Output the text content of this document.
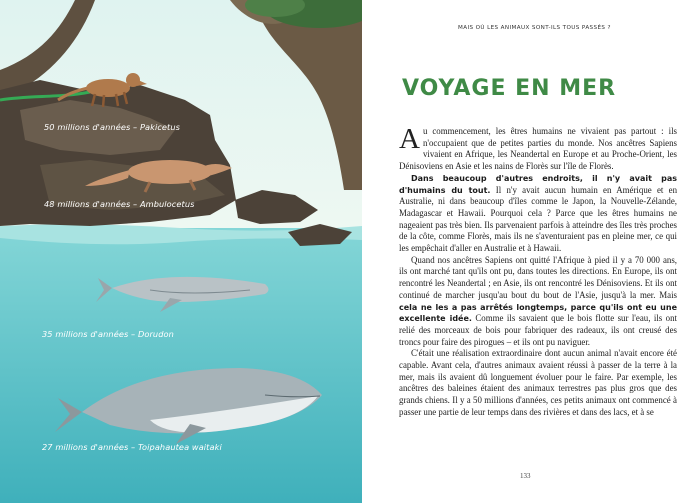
50 millions d'années – Pakicetus
48 millions d'années – Ambulocetus
35 millions d'années – Dorudon
27 millions d'années – Toipahautea waitaki
MAIS OÙ LES ANIMAUX SONT-ILS TOUS PASSÉS ?
VOYAGE EN MER

Au commencement, les êtres humains ne vivaient pas partout : ils n'occupaient que de petites parties du monde. Nos ancêtres Sapiens vivaient en Afrique, les Neandertal en Europe et au Proche-Orient, les Dénisoviens en Asie et les nains de Florès sur l'île de Florès.

Dans beaucoup d'autres endroits, il n'y avait pas d'humains du tout. Il n'y avait aucun humain en Amérique et en Australie, ni dans beaucoup d'îles comme le Japon, la Nouvelle-Zélande, Madagascar et Hawaii. Pourquoi cela ? Parce que les êtres humains ne nageaient pas très bien. Ils parvenaient parfois à atteindre des îles très proches de la côte, comme Florès, mais ils ne s'aventuraient pas en pleine mer, ce qui les empêchait d'aller en Australie et à Hawaii.

Quand nos ancêtres Sapiens ont quitté l'Afrique à pied il y a 70 000 ans, ils ont marché tant qu'ils ont pu, dans toutes les directions. En Europe, ils ont rencontré les Neandertal ; en Asie, ils ont rencontré les Dénisoviens. Et ils ont continué de marcher jusqu'au bout du bout de l'Asie, jusqu'à la mer. Mais cela ne les a pas arrêtés longtemps, parce qu'ils ont eu une excellente idée. Comme ils savaient que le bois flotte sur l'eau, ils ont relié des morceaux de bois pour fabriquer des radeaux, ils ont creusé des troncs pour faire des pirogues – et ils ont pu naviguer.

C'était une réalisation extraordinaire dont aucun animal n'avait encore été capable. Avant cela, d'autres animaux avaient réussi à passer de la terre à la mer, mais ils avaient dû longuement évoluer pour le faire. Par exemple, les ancêtres des baleines étaient des animaux terrestres pas plus gros que des grands chiens. Il y a 50 millions d'années, ces petits animaux ont commencé à passer une partie de leur temps dans des rivières et dans des lacs, et à se

133
